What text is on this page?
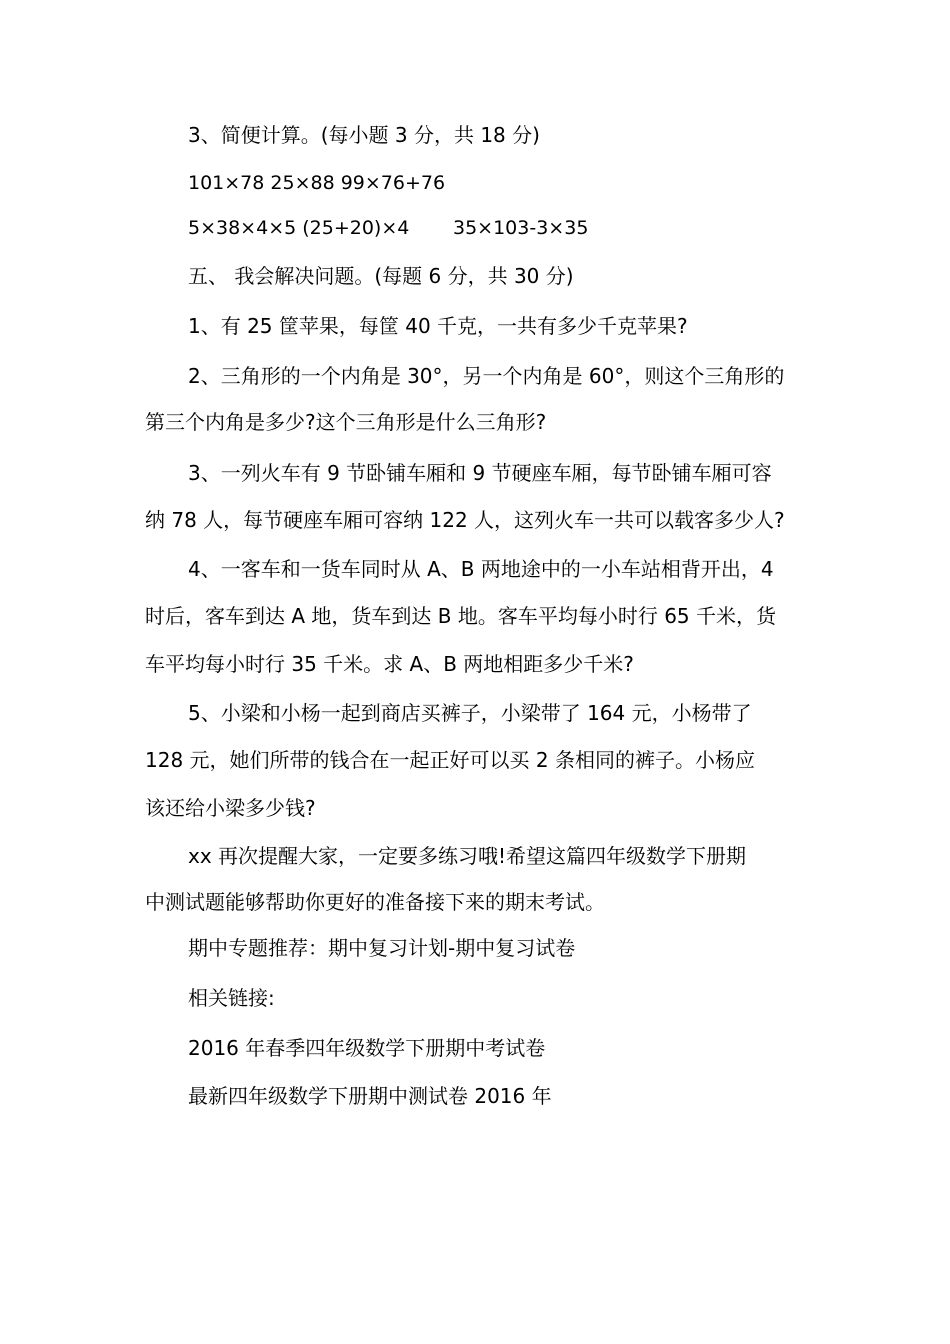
3、简便计算。(每小题 3 分，共 18 分)
101×78 25×88 99×76+76
5×38×4×5 (25+20)×4 35×103-3×35
五、 我会解决问题。(每题 6 分，共 30 分)
1、有 25 筐苹果，每筐 40 千克，一共有多少千克苹果?
2、三角形的一个内角是 30°，另一个内角是 60°，则这个三角形的
第三个内角是多少?这个三角形是什么三角形?
3、一列火车有 9 节卧铺车厢和 9 节硬座车厢，每节卧铺车厢可容
纳 78 人，每节硬座车厢可容纳 122 人，这列火车一共可以载客多少人?
4、一客车和一货车同时从 A、B 两地途中的一小车站相背开出，4
时后，客车到达 A 地，货车到达 B 地。客车平均每小时行 65 千米，货
车平均每小时行 35 千米。求 A、B 两地相距多少千米?
5、小梁和小杨一起到商店买裤子，小梁带了 164 元，小杨带了
128 元，她们所带的钱合在一起正好可以买 2 条相同的裤子。小杨应
该还给小梁多少钱?
xx 再次提醒大家，一定要多练习哦!希望这篇四年级数学下册期
中测试题能够帮助你更好的准备接下来的期末考试。
期中专题推荐：期中复习计划-期中复习试卷
相关链接:
2016 年春季四年级数学下册期中考试卷
最新四年级数学下册期中测试卷 2016 年
